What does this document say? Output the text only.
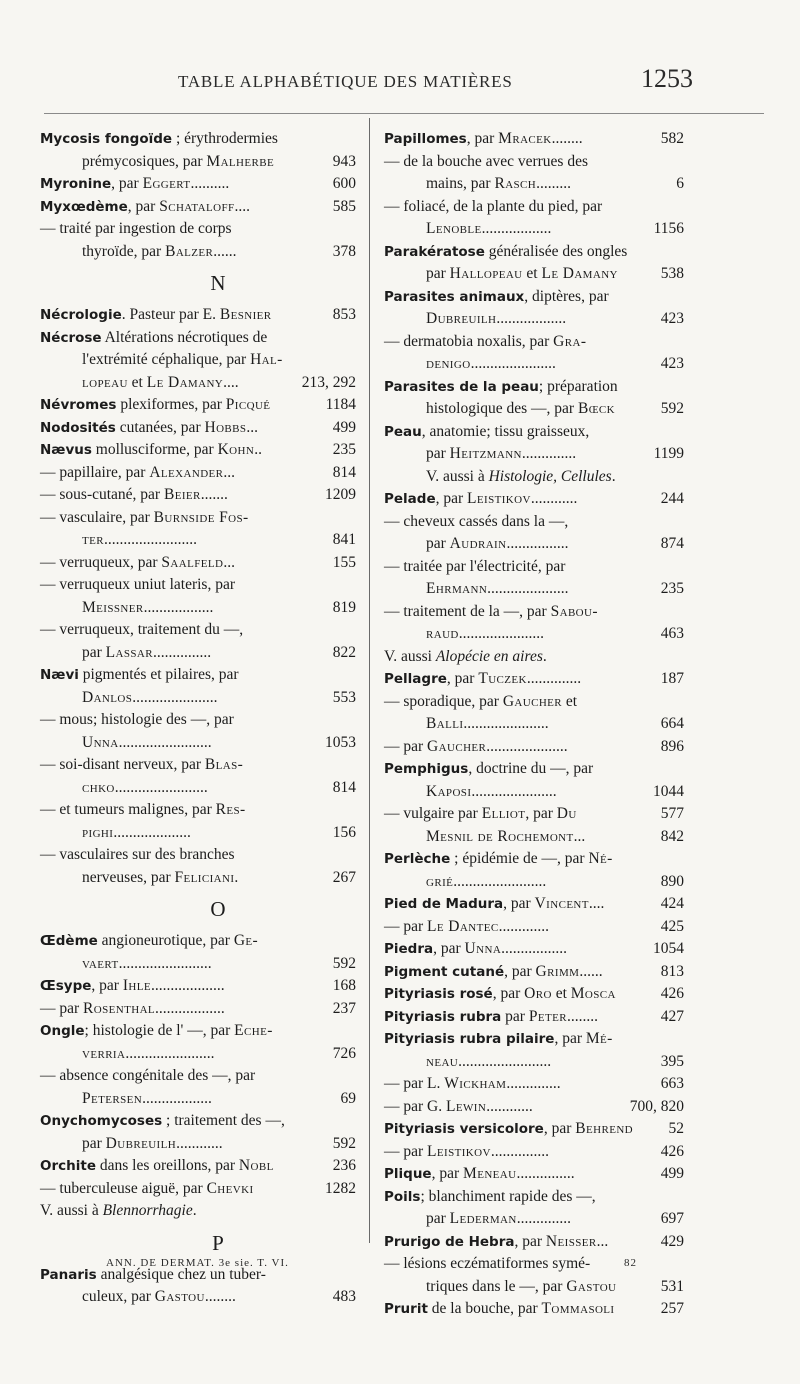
TABLE ALPHABÉTIQUE DES MATIÈRES	1253
Mycosis fongoïde ; érythrodermies
prémycosiques, par Malherbe	943
Myronine, par Eggert..........	600
Myxœdème, par Schataloff....	585
— traité par ingestion de corps
thyroïde, par Balzer......	378
N
Nécrologie. Pasteur par E. Besnier	853
Nécrose Altérations nécrotiques de
l'extrémité céphalique, par Hal-
lopeau et Le Damany....	213, 292
Névromes plexiformes, par Picqué	1184
Nodosités cutanées, par Hobbs...	499
Nævus mollusciforme, par Kohn..	235
— papillaire, par Alexander...	814
— sous-cutané, par Beier.......	1209
— vasculaire, par Burnside Fos-
ter........................	841
— verruqueux, par Saalfeld...	155
— verruqueux uniut lateris, par
Meissner..................	819
— verruqueux, traitement du —,
par Lassar...............	822
Nævi pigmentés et pilaires, par
Danlos......................	553
— mous; histologie des —, par
Unna........................	1053
— soi-disant nerveux, par Blas-
chko........................	814
— et tumeurs malignes, par Res-
pighi....................	156
— vasculaires sur des branches
nerveuses, par Feliciani.	267
O
Œdème angioneurotique, par Ge-
vaert........................	592
Œsype, par Ihle...................	168
— par Rosenthal..................	237
Ongle; histologie de l' —, par Eche-
verria.......................	726
— absence congénitale des —, par
Petersen..................	69
Onychomycoses ; traitement des —,
par Dubreuilh............	592
Orchite dans les oreillons, par Nobl	236
— tuberculeuse aiguë, par Chevki	1282
V. aussi à Blennorrhagie.
P
Panaris analgésique chez un tuber-
culeux, par Gastou........	483
Papillomes, par Mracek........	582
— de la bouche avec verrues des
mains, par Rasch.........	6
— foliacé, de la plante du pied, par
Lenoble..................	1156
Parakératose généralisée des ongles
par Hallopeau et Le Damany	538
Parasites animaux, diptères, par
Dubreuilh..................	423
— dermatobia noxalis, par Gra-
denigo......................	423
Parasites de la peau; préparation
histologique des —, par Bœck	592
Peau, anatomie; tissu graisseux,
par Heitzmann..............	1199
V. aussi à Histologie, Cellules.
Pelade, par Leistikov............	244
— cheveux cassés dans la —,
par Audrain................	874
— traitée par l'électricité, par
Ehrmann.....................	235
— traitement de la —, par Sabou-
raud......................	463
V. aussi Alopécie en aires.
Pellagre, par Tuczek..............	187
— sporadique, par Gaucher et
Balli......................	664
— par Gaucher.....................	896
Pemphigus, doctrine du —, par
Kaposi......................	1044
— vulgaire par Elliot, par Du	577
Mesnil de Rochemont...	842
Perlèche ; épidémie de —, par Né-
grié........................	890
Pied de Madura, par Vincent....	424
— par Le Dantec.............	425
Piedra, par Unna.................	1054
Pigment cutané, par Grimm......	813
Pityriasis rosé, par Oro et Mosca	426
Pityriasis rubra par Peter........	427
Pityriasis rubra pilaire, par Mé-
neau........................	395
— par L. Wickham..............	663
— par G. Lewin............	700, 820
Pityriasis versicolore, par Behrend 52
— par Leistikov...............	426
Plique, par Meneau...............	499
Poils; blanchiment rapide des —,
par Lederman..............	697
Prurigo de Hebra, par Neisser...	429
— lésions eczématiformes symé-
triques dans le —, par Gastou	531
Prurit de la bouche, par Tommasoli	257
ANN. DE DERMAT. 3e sie. T. VI.	82
